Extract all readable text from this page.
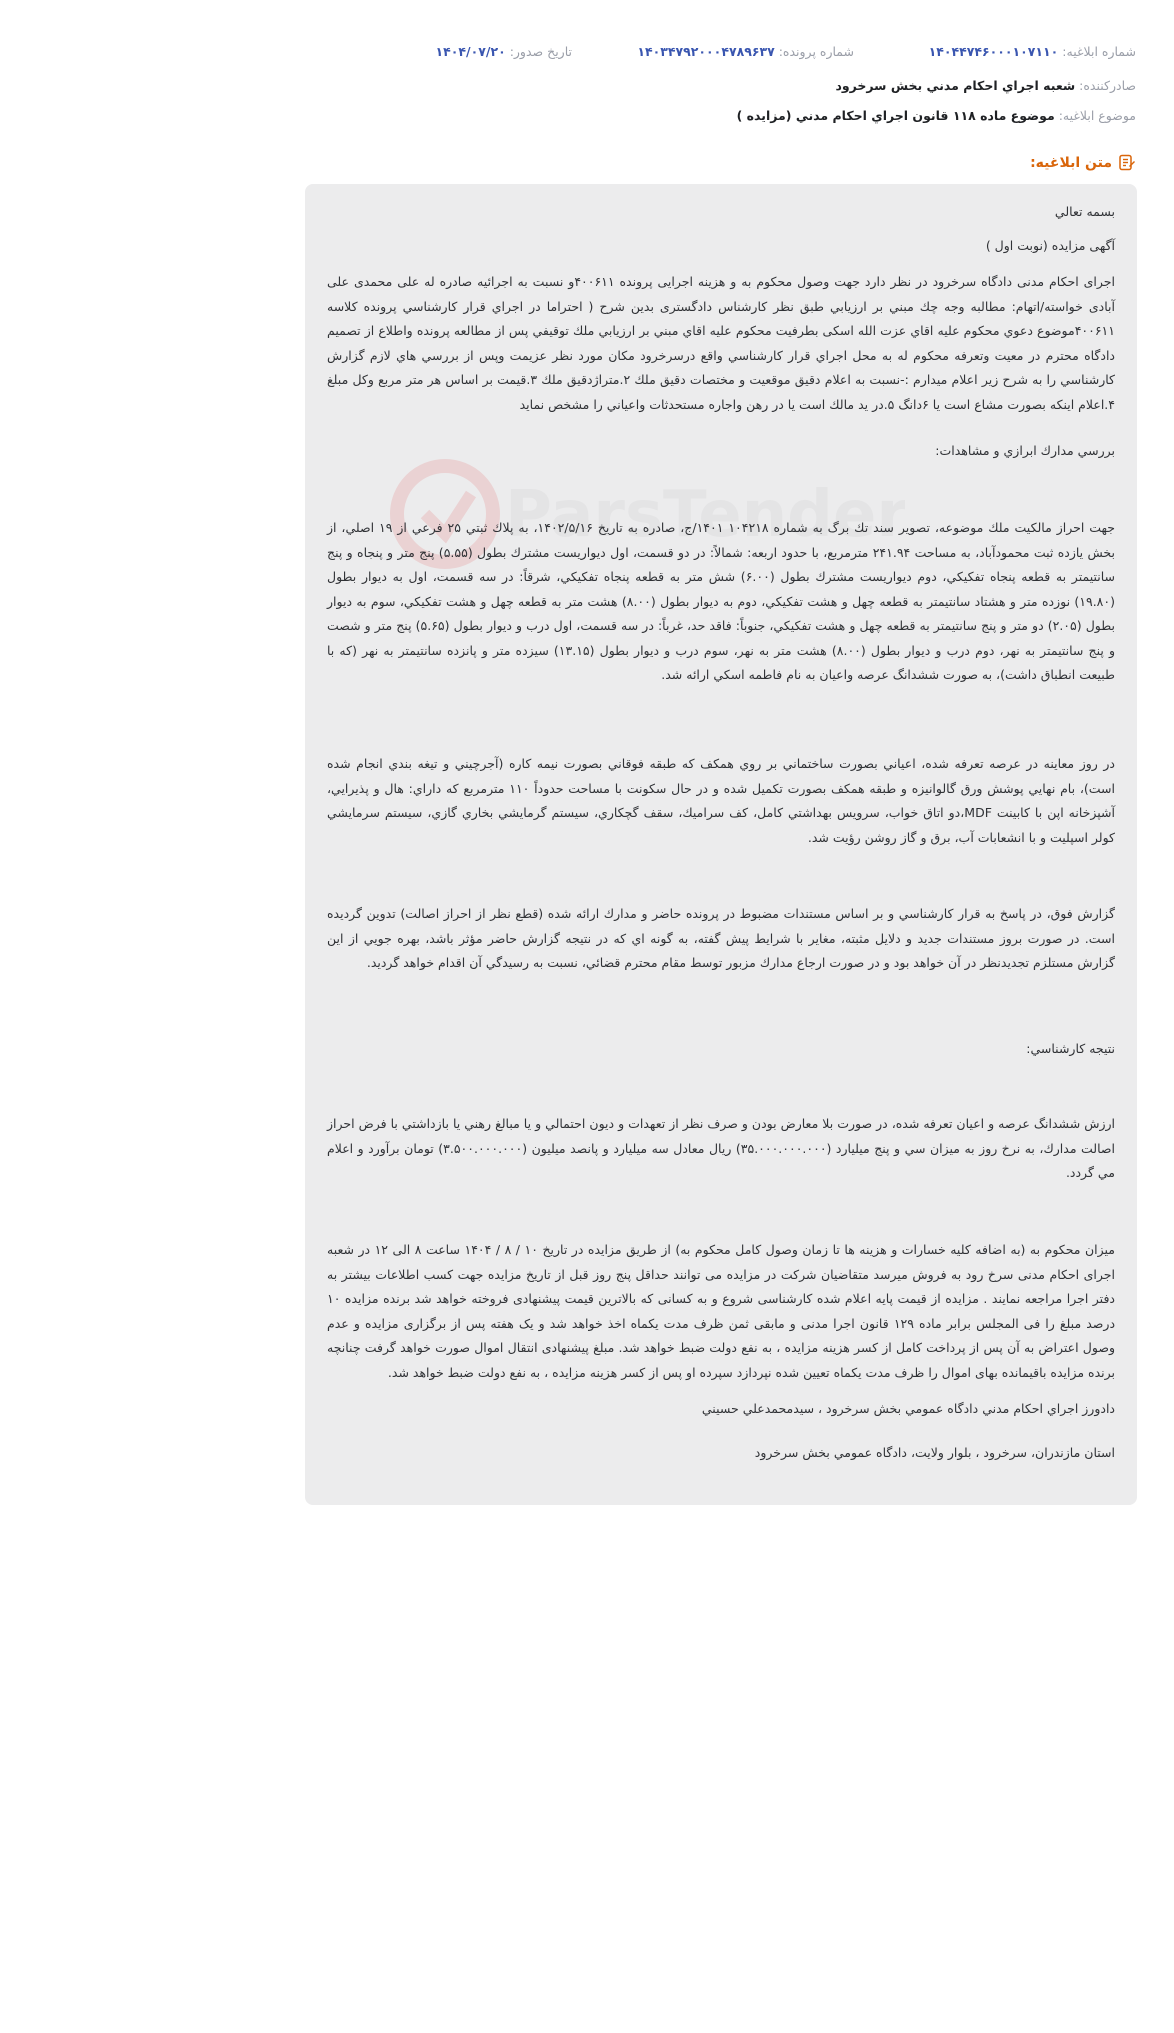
شماره ابلاغیه: ۱۴۰۴۴۷۴۶۰۰۰۱۰۷۱۱۰
شماره پرونده: ۱۴۰۳۴۷۹۲۰۰۰۴۷۸۹۶۳۷
تاریخ صدور: ۱۴۰۴/۰۷/۲۰
صادرکننده: شعبه اجراي احكام مدني بخش سرخرود
موضوع ابلاغیه: موضوع ماده ۱۱۸ قانون اجراي احكام مدني (مزايده )
متن ابلاغیه:
ParsTender

بسمه تعالي

آگهی مزایده (نوبت اول )

اجرای احکام مدنی دادگاه سرخرود در نظر دارد جهت وصول محکوم به و هزینه اجرایی پرونده ۴۰۰۶۱۱و نسبت به اجرائیه صادره له علی محمدی علی آبادی خواسته/اتهام: مطالبه وجه چك مبني بر ارزيابي طبق نظر كارشناس دادگستری بدین شرح ( احتراما در اجراي قرار كارشناسي پرونده كلاسه ۴۰۰۶۱۱موضوع دعوي محكوم عليه اقاي عزت الله اسکی بطرفيت محكوم عليه اقاي مبني بر ارزيابي ملك توقيفي پس از مطالعه پرونده واطلاع از تصميم دادگاه محترم در معيت وتعرفه محكوم له به محل اجراي قرار كارشناسي واقع درسرخرود مكان مورد نظر عزيمت وپس از بررسي هاي لازم گزارش كارشناسي را به شرح زير اعلام ميدارم :-نسبت به اعلام دقيق موقعيت و مختصات دقيق ملك ۲.متراژدقيق ملك ۳.قيمت بر اساس هر متر مربع وكل مبلغ ۴.اعلام اينكه بصورت مشاع است يا ۶دانگ ۵.در يد مالك است يا در رهن واجاره مستحدثات واعياني را مشخص نمايد

بررسي مدارك ابرازي و مشاهدات:

جهت احراز مالكيت ملك موضوعه، تصوير سند تك برگ به شماره ۱۰۴۲۱۸ ۱۴۰۱/ج، صادره به تاريخ ۱۴۰۲/۵/۱۶، به پلاك ثبتي ۲۵ فرعي از ۱۹ اصلي، از بخش يازده ثبت محمودآباد، به مساحت ۲۴۱.۹۴ مترمربع، با حدود اربعه: شمالاً: در دو قسمت، اول ديواريست مشترك بطول (۵.۵۵) پنج متر و پنجاه و پنج سانتيمتر به قطعه پنجاه تفكيكي، دوم ديواريست مشترك بطول (۶.۰۰) شش متر به قطعه پنجاه تفكيكي، شرقاً: در سه قسمت، اول به ديوار بطول (۱۹.۸۰) نوزده متر و هشتاد سانتيمتر به قطعه چهل و هشت تفكيكي، دوم به ديوار بطول (۸.۰۰) هشت متر به قطعه چهل و هشت تفكيكي، سوم به ديوار بطول (۲.۰۵) دو متر و پنج سانتيمتر به قطعه چهل و هشت تفكيكي، جنوباً: فاقد حد، غرباً: در سه قسمت، اول درب و ديوار بطول (۵.۶۵) پنج متر و شصت و پنج سانتيمتر به نهر، دوم درب و ديوار بطول (۸.۰۰) هشت متر به نهر، سوم درب و ديوار بطول (۱۳.۱۵) سيزده متر و پانزده سانتيمتر به نهر (كه با طبيعت انطباق داشت)، به صورت ششدانگ عرصه واعيان به نام فاطمه اسكي ارائه شد.

در روز معاينه در عرصه تعرفه شده، اعياني بصورت ساختماني بر روي همكف كه طبقه فوقاني بصورت نيمه كاره (آجرچيني و تيغه بندي انجام شده است)، بام نهايي پوشش ورق گالوانيزه و طبقه همكف بصورت تكميل شده و در حال سكونت با مساحت حدوداً ۱۱۰ مترمربع كه داراي: هال و پذيرايي، آشپزخانه اپن با كابينت MDF،دو اتاق خواب، سرويس بهداشتي كامل، كف سراميك، سقف گچكاري، سيستم گرمايشي بخاري گازي، سيستم سرمايشي كولر اسپليت و با انشعابات آب، برق و گاز روشن رؤيت شد.

گزارش فوق، در پاسخ به قرار كارشناسي و بر اساس مستندات مضبوط در پرونده حاضر و مدارك ارائه شده (قطع نظر از احراز اصالت) تدوين گرديده است. در صورت بروز مستندات جديد و دلايل مثبته، مغاير با شرايط پيش گفته، به گونه اي كه در نتيجه گزارش حاضر مؤثر باشد، بهره جويي از اين گزارش مستلزم تجديدنظر در آن خواهد بود و در صورت ارجاع مدارك مزبور توسط مقام محترم قضائي، نسبت به رسيدگي آن اقدام خواهد گرديد.

نتيجه كارشناسي:

ارزش ششدانگ عرصه و اعيان تعرفه شده، در صورت بلا معارض بودن و صرف نظر از تعهدات و ديون احتمالي و يا مبالغ رهني يا بازداشتي با فرض احراز اصالت مدارك، به نرخ روز به ميزان سي و پنج ميليارد (۳۵.۰۰۰.۰۰۰.۰۰۰) ريال معادل سه ميليارد و پانصد ميليون (۳.۵۰۰.۰۰۰.۰۰۰) تومان برآورد و اعلام مي گردد.

میزان محکوم به (به اضافه کلیه خسارات و هزینه ها تا زمان وصول کامل محکوم به) از طریق مزایده در تاریخ ۱۰ / ۸ / ۱۴۰۴ ساعت ۸ الی ۱۲ در شعبه اجرای احکام مدنی سرخ رود به فروش میرسد متقاضیان شرکت در مزایده می توانند حداقل پنج روز قبل از تاریخ مزایده جهت کسب اطلاعات بیشتر به دفتر اجرا مراجعه نمایند . مزایده از قیمت پایه اعلام شده کارشناسی شروع و به کسانی که بالاترین قیمت پیشنهادی فروخته خواهد شد برنده مزایده ۱۰ درصد مبلغ را فی المجلس برابر ماده ۱۲۹ قانون اجرا مدنی و مابقی ثمن ظرف مدت یکماه اخذ خواهد شد و یک هفته پس از برگزاری مزایده و عدم وصول اعتراض به آن پس از پرداخت کامل از کسر هزینه مزایده ، به نفع دولت ضبط خواهد شد. مبلغ پیشنهادی انتقال اموال صورت خواهد گرفت چنانچه برنده مزایده باقیمانده بهای اموال را ظرف مدت یکماه تعیین شده نپردازد سپرده او پس از کسر هزینه مزایده ، به نفع دولت ضبط خواهد شد.

دادورز اجراي احكام مدني دادگاه عمومي بخش سرخرود ، سيدمحمدعلي حسيني

استان مازندران، سرخرود ، بلوار ولايت، دادگاه عمومي بخش سرخرود
